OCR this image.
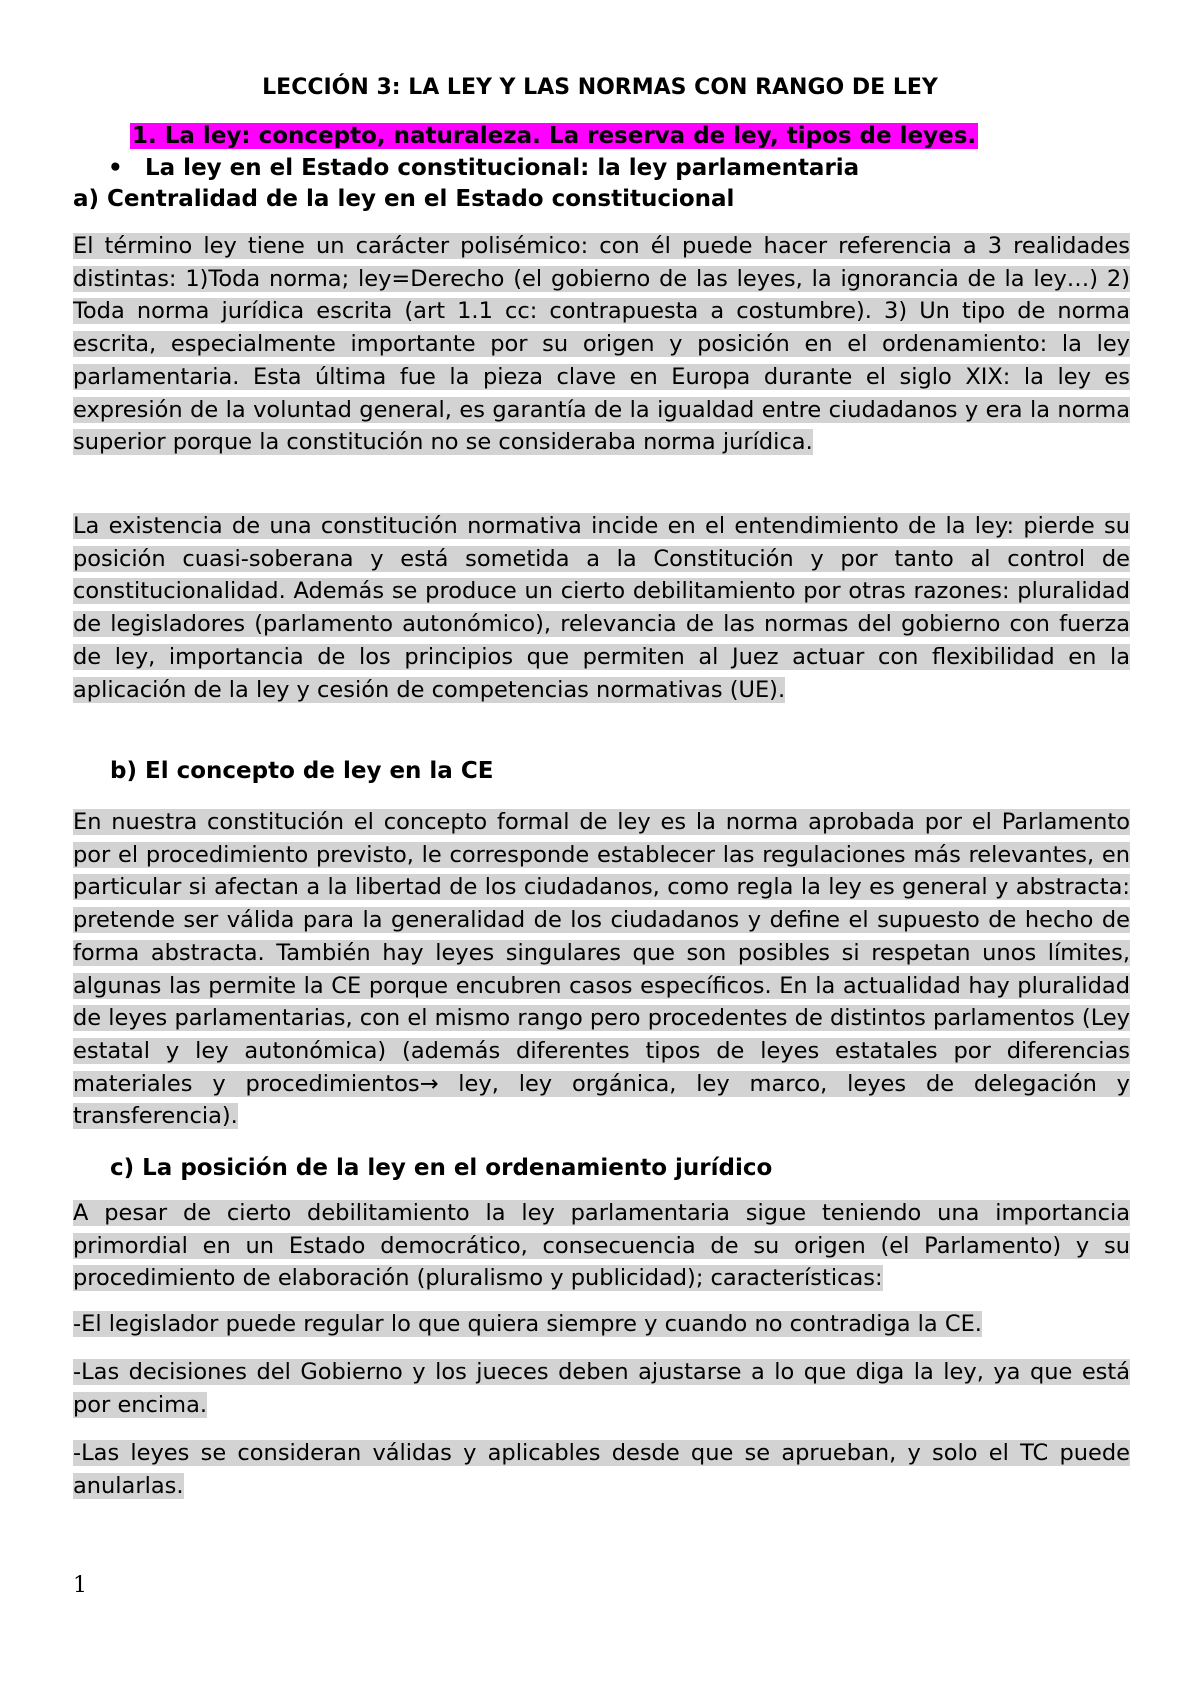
LECCIÓN 3: LA LEY Y LAS NORMAS CON RANGO DE LEY
1. La ley: concepto, naturaleza. La reserva de ley, tipos de leyes.
• La ley en el Estado constitucional: la ley parlamentaria
a) Centralidad de la ley en el Estado constitucional
El término ley tiene un carácter polisémico: con él puede hacer referencia a 3 realidades distintas: 1)Toda norma; ley=Derecho (el gobierno de las leyes, la ignorancia de la ley…) 2) Toda norma jurídica escrita (art 1.1 cc: contrapuesta a costumbre). 3) Un tipo de norma escrita, especialmente importante por su origen y posición en el ordenamiento: la ley parlamentaria. Esta última fue la pieza clave en Europa durante el siglo XIX: la ley es expresión de la voluntad general, es garantía de la igualdad entre ciudadanos y era la norma superior porque la constitución no se consideraba norma jurídica.
La existencia de una constitución normativa incide en el entendimiento de la ley: pierde su posición cuasi-soberana y está sometida a la Constitución y por tanto al control de constitucionalidad. Además se produce un cierto debilitamiento por otras razones: pluralidad de legisladores (parlamento autonómico), relevancia de las normas del gobierno con fuerza de ley, importancia de los principios que permiten al Juez actuar con flexibilidad en la aplicación de la ley y cesión de competencias normativas (UE).
b) El concepto de ley en la CE
En nuestra constitución el concepto formal de ley es la norma aprobada por el Parlamento por el procedimiento previsto, le corresponde establecer las regulaciones más relevantes, en particular si afectan a la libertad de los ciudadanos, como regla la ley es general y abstracta: pretende ser válida para la generalidad de los ciudadanos y define el supuesto de hecho de forma abstracta. También hay leyes singulares que son posibles si respetan unos límites, algunas las permite la CE porque encubren casos específicos. En la actualidad hay pluralidad de leyes parlamentarias, con el mismo rango pero procedentes de distintos parlamentos (Ley estatal y ley autonómica) (además diferentes tipos de leyes estatales por diferencias materiales y procedimientos→ ley, ley orgánica, ley marco, leyes de delegación y transferencia).
c) La posición de la ley en el ordenamiento jurídico
A pesar de cierto debilitamiento la ley parlamentaria sigue teniendo una importancia primordial en un Estado democrático, consecuencia de su origen (el Parlamento) y su procedimiento de elaboración (pluralismo y publicidad); características:
-El legislador puede regular lo que quiera siempre y cuando no contradiga la CE.
-Las decisiones del Gobierno y los jueces deben ajustarse a lo que diga la ley, ya que está por encima.
-Las leyes se consideran válidas y aplicables desde que se aprueban, y solo el TC puede anularlas.
1
